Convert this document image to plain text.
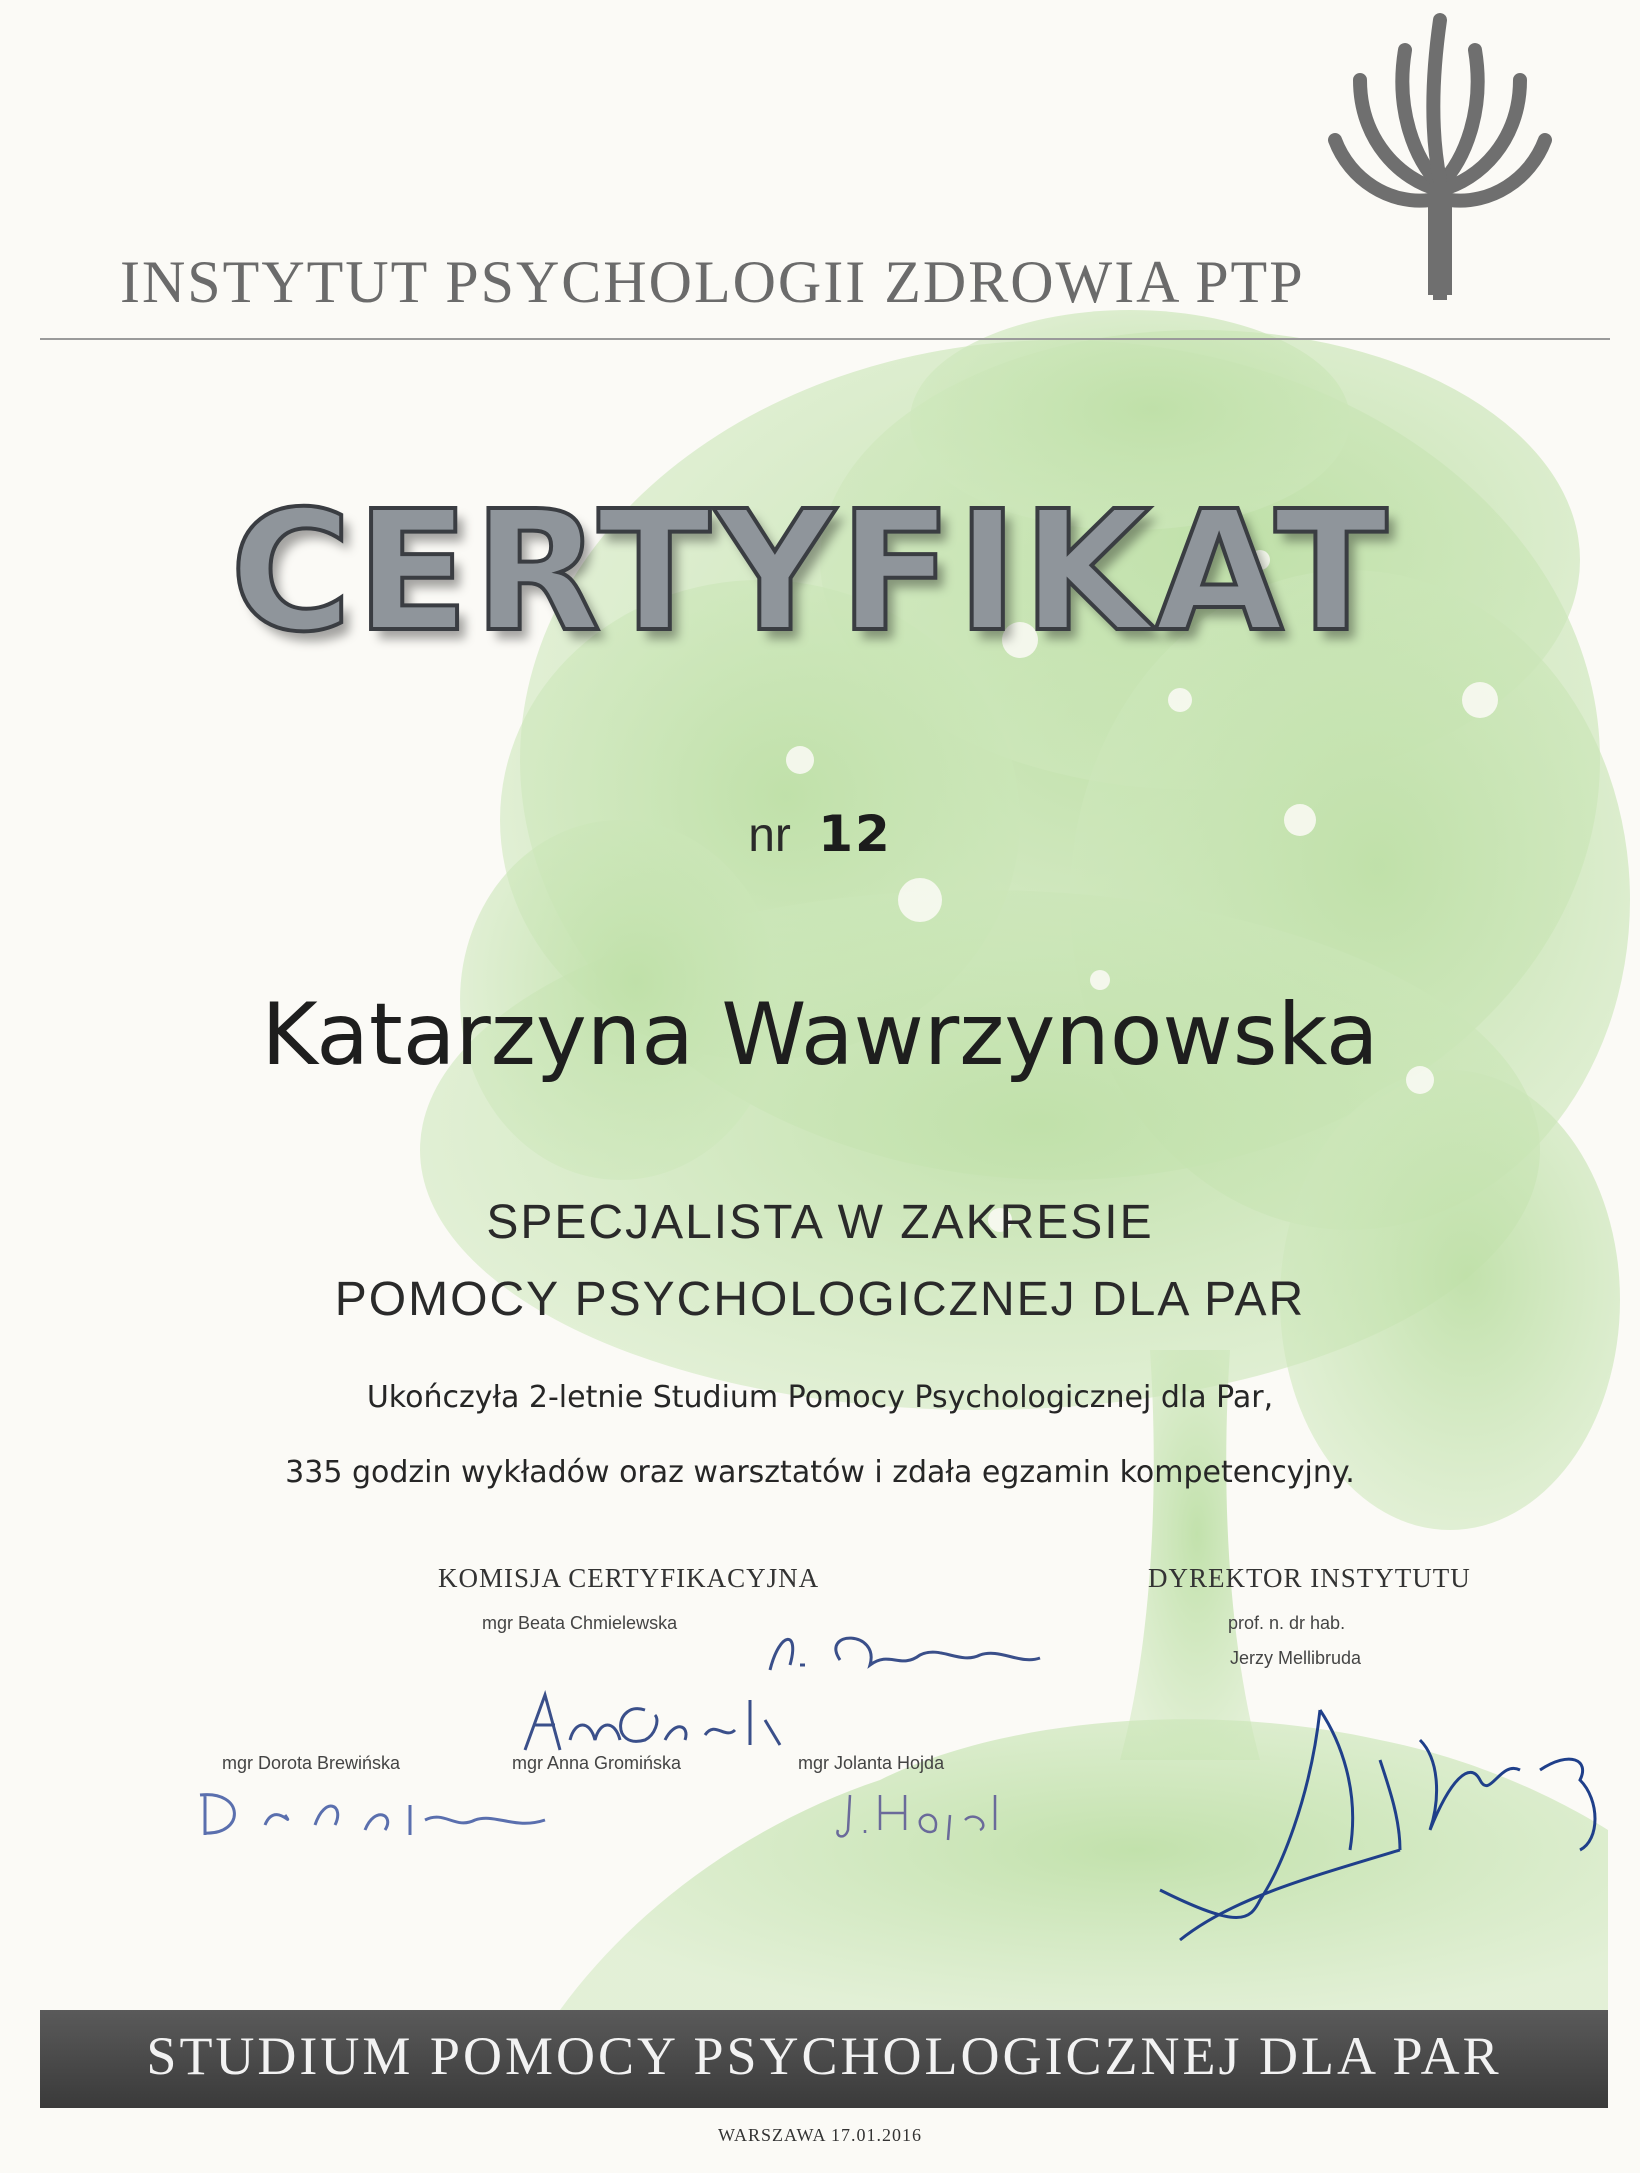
INSTYTUT PSYCHOLOGII ZDROWIA PTP
CERTYFIKAT
nr 12
Katarzyna Wawrzynowska
SPECJALISTA W ZAKRESIE
POMOCY PSYCHOLOGICZNEJ DLA PAR
Ukończyła 2-letnie Studium Pomocy Psychologicznej dla Par,
335 godzin wykładów oraz warsztatów i zdała egzamin kompetencyjny.
KOMISJA CERTYFIKACYJNA
mgr Beata Chmielewska
mgr Dorota Brewińska	mgr Anna Gromińska	mgr Jolanta Hojda
DYREKTOR INSTYTUTU
prof. n. dr hab.
Jerzy Mellibruda
STUDIUM POMOCY PSYCHOLOGICZNEJ DLA PAR
WARSZAWA 17.01.2016
